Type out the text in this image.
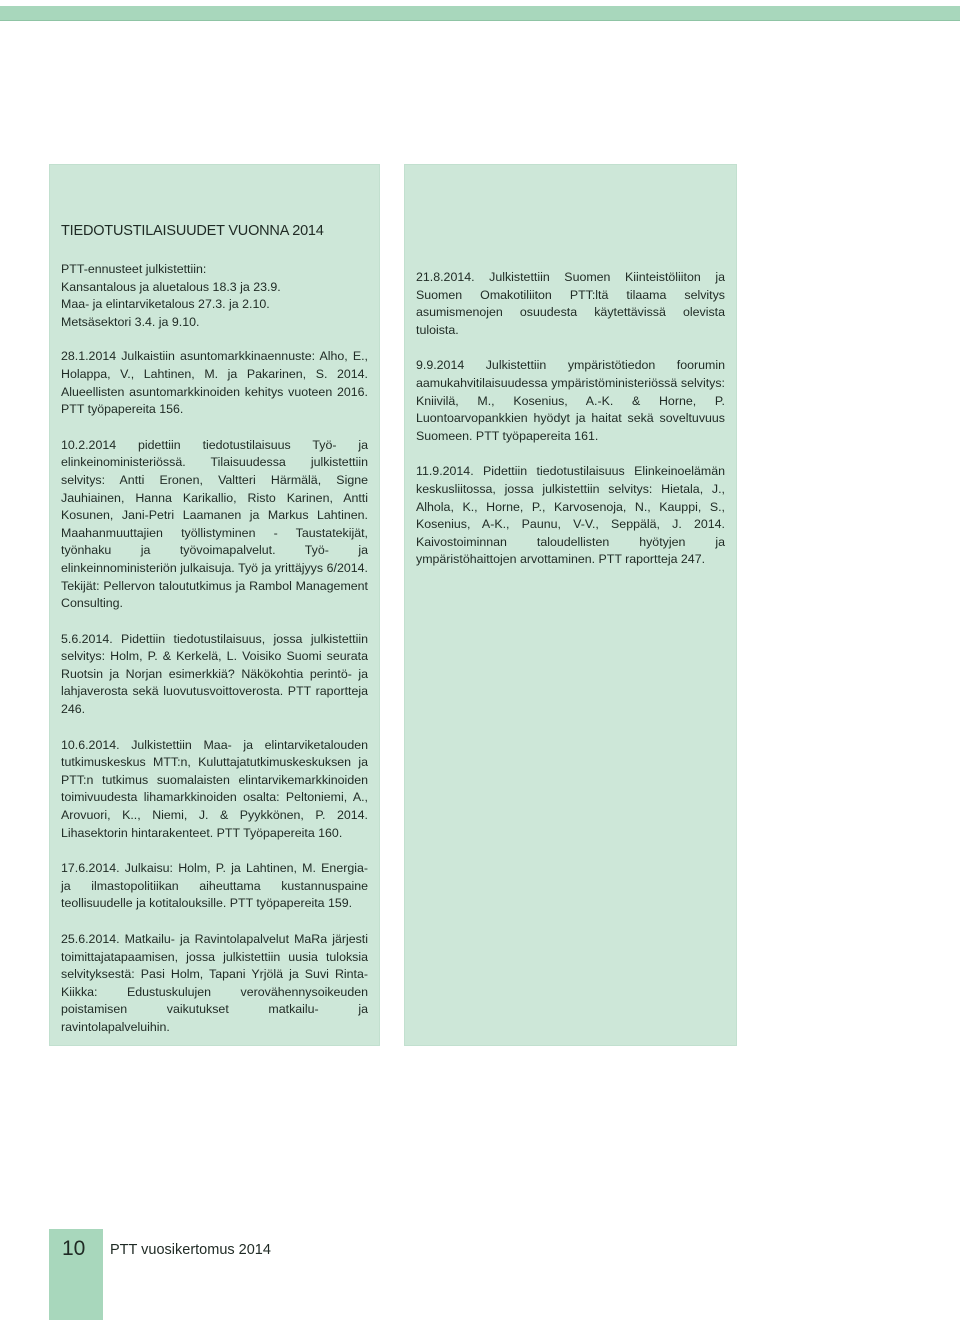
TIEDOTUSTILAISUUDET VUONNA 2014

PTT-ennusteet julkistettiin:

Kansantalous ja aluetalous 18.3 ja 23.9.

Maa- ja elintarviketalous 27.3. ja 2.10.

Metsäsektori 3.4. ja 9.10.

28.1.2014 Julkaistiin asuntomarkkinaennuste: Alho, E., Holappa, V., Lahtinen, M. ja Pakarinen, S. 2014. Alueellisten asuntomarkkinoiden kehitys vuoteen 2016. PTT työpapereita 156.

10.2.2014 pidettiin tiedotustilaisuus Työ- ja elinkeinoministeriössä. Tilaisuudessa julkistettiin selvitys: Antti Eronen, Valtteri Härmälä, Signe Jauhiainen, Hanna Karikallio, Risto Karinen, Antti Kosunen, Jani-Petri Laamanen ja Markus Lahtinen. Maahanmuuttajien työllistyminen - Taustatekijät, työnhaku ja työvoimapalvelut. Työ- ja elinkeinnoministeriön julkaisuja. Työ ja yrittäjyys 6/2014. Tekijät: Pellervon taloututkimus ja Rambol Management Consulting.

5.6.2014. Pidettiin tiedotustilaisuus, jossa julkistettiin selvitys: Holm, P. & Kerkelä, L. Voisiko Suomi seurata Ruotsin ja Norjan esimerkkiä? Näkökohtia perintö- ja lahjaverosta sekä luovutusvoittoverosta. PTT raportteja 246.

10.6.2014. Julkistettiin Maa- ja elintarviketalouden tutkimuskeskus MTT:n, Kuluttajatutkimuskeskuksen ja PTT:n tutkimus suomalaisten elintarvikemarkkinoiden toimivuudesta lihamarkkinoiden osalta: Peltoniemi, A., Arovuori, K.., Niemi, J. & Pyykkönen, P. 2014. Lihasektorin hintarakenteet. PTT Työpapereita 160.

17.6.2014. Julkaisu: Holm, P. ja Lahtinen, M. Energia- ja ilmastopolitiikan aiheuttama kustannuspaine teollisuudelle ja kotitalouksille. PTT työpapereita 159.

25.6.2014. Matkailu- ja Ravintolapalvelut MaRa järjesti toimittajatapaamisen, jossa julkistettiin uusia tuloksia selvityksestä: Pasi Holm, Tapani Yrjölä ja Suvi Rinta-Kiikka: Edustuskulujen verovähennysoikeuden poistamisen vaikutukset matkailu- ja ravintolapalveluihin.

21.8.2014. Julkistettiin Suomen Kiinteistöliiton ja Suomen Omakotiliiton PTT:ltä tilaama selvitys asumismenojen osuudesta käytettävissä olevista tuloista.

9.9.2014 Julkistettiin ympäristötiedon foorumin aamukahvitilaisuudessa ympäristöministeriössä selvitys: Kniivilä, M., Kosenius, A.-K. & Horne, P. Luontoarvopankkien hyödyt ja haitat sekä soveltuvuus Suomeen. PTT työpapereita 161.

11.9.2014. Pidettiin tiedotustilaisuus Elinkeinoelämän keskusliitossa, jossa julkistettiin selvitys: Hietala, J., Alhola, K., Horne, P., Karvosenoja, N., Kauppi, S., Kosenius, A-K., Paunu, V-V., Seppälä, J. 2014. Kaivostoiminnan taloudellisten hyötyjen ja ympäristöhaittojen arvottaminen. PTT raportteja 247.

10 PTT vuosikertomus 2014
